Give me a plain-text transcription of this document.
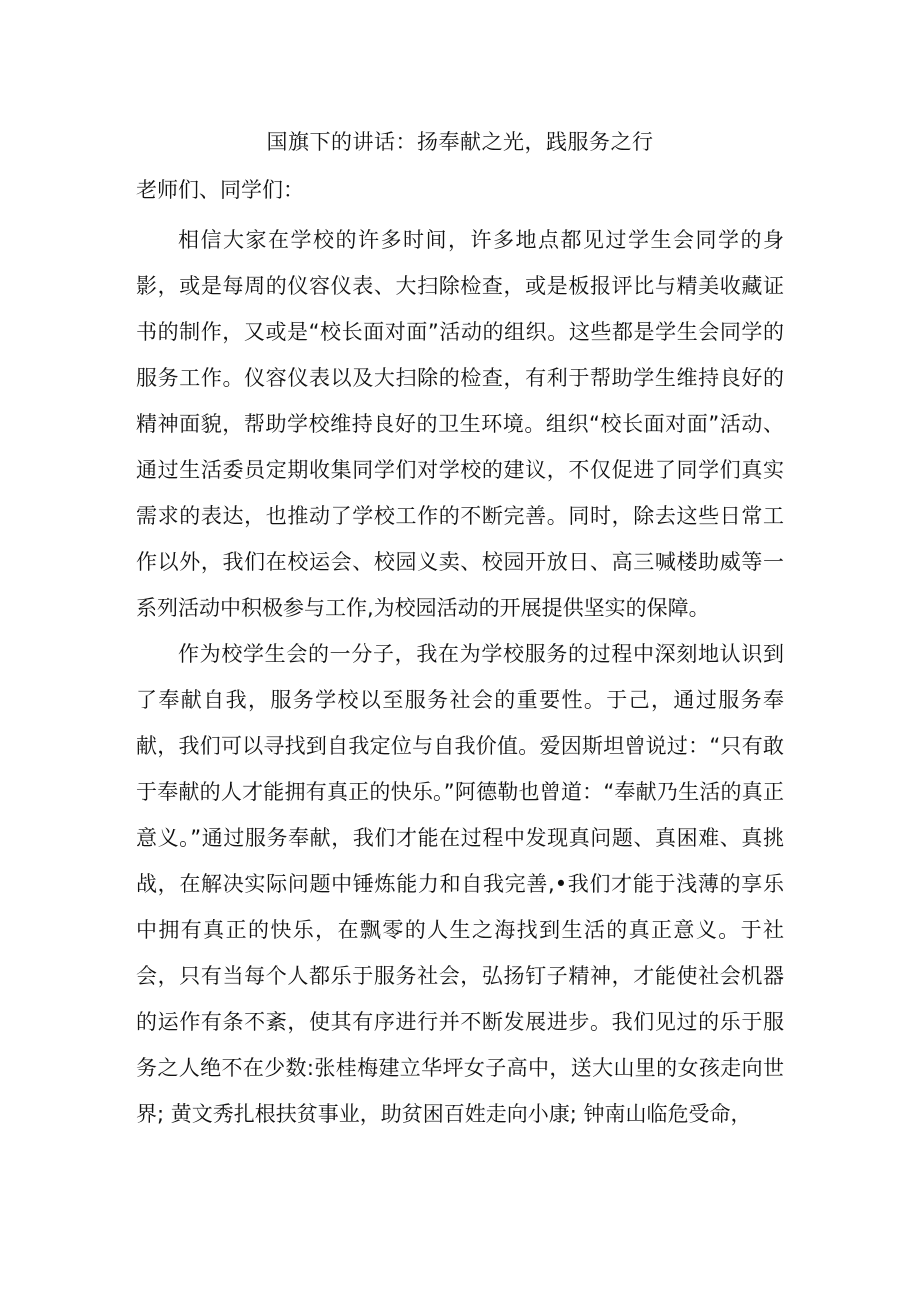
国旗下的讲话：扬奉献之光，践服务之行

老师们、同学们：

相信大家在学校的许多时间，许多地点都见过学生会同学的身影，或是每周的仪容仪表、大扫除检查，或是板报评比与精美收藏证书的制作，又或是“校长面对面”活动的组织。这些都是学生会同学的服务工作。仪容仪表以及大扫除的检查，有利于帮助学生维持良好的精神面貌，帮助学校维持良好的卫生环境。组织“校长面对面”活动、通过生活委员定期收集同学们对学校的建议，不仅促进了同学们真实需求的表达，也推动了学校工作的不断完善。同时，除去这些日常工作以外，我们在校运会、校园义卖、校园开放日、高三喊楼助威等一系列活动中积极参与工作,为校园活动的开展提供坚实的保障。

作为校学生会的一分子，我在为学校服务的过程中深刻地认识到了奉献自我，服务学校以至服务社会的重要性。于己，通过服务奉献，我们可以寻找到自我定位与自我价值。爱因斯坦曾说过：“只有敢于奉献的人才能拥有真正的快乐。”阿德勒也曾道：“奉献乃生活的真正意义。”通过服务奉献，我们才能在过程中发现真问题、真困难、真挑战，在解决实际问题中锤炼能力和自我完善,•我们才能于浅薄的享乐中拥有真正的快乐，在飘零的人生之海找到生活的真正意义。于社会，只有当每个人都乐于服务社会，弘扬钉子精神，才能使社会机器的运作有条不紊，使其有序进行并不断发展进步。我们见过的乐于服务之人绝不在少数:张桂梅建立华坪女子高中，送大山里的女孩走向世界; 黄文秀扎根扶贫事业，助贫困百姓走向小康; 钟南山临危受命，
